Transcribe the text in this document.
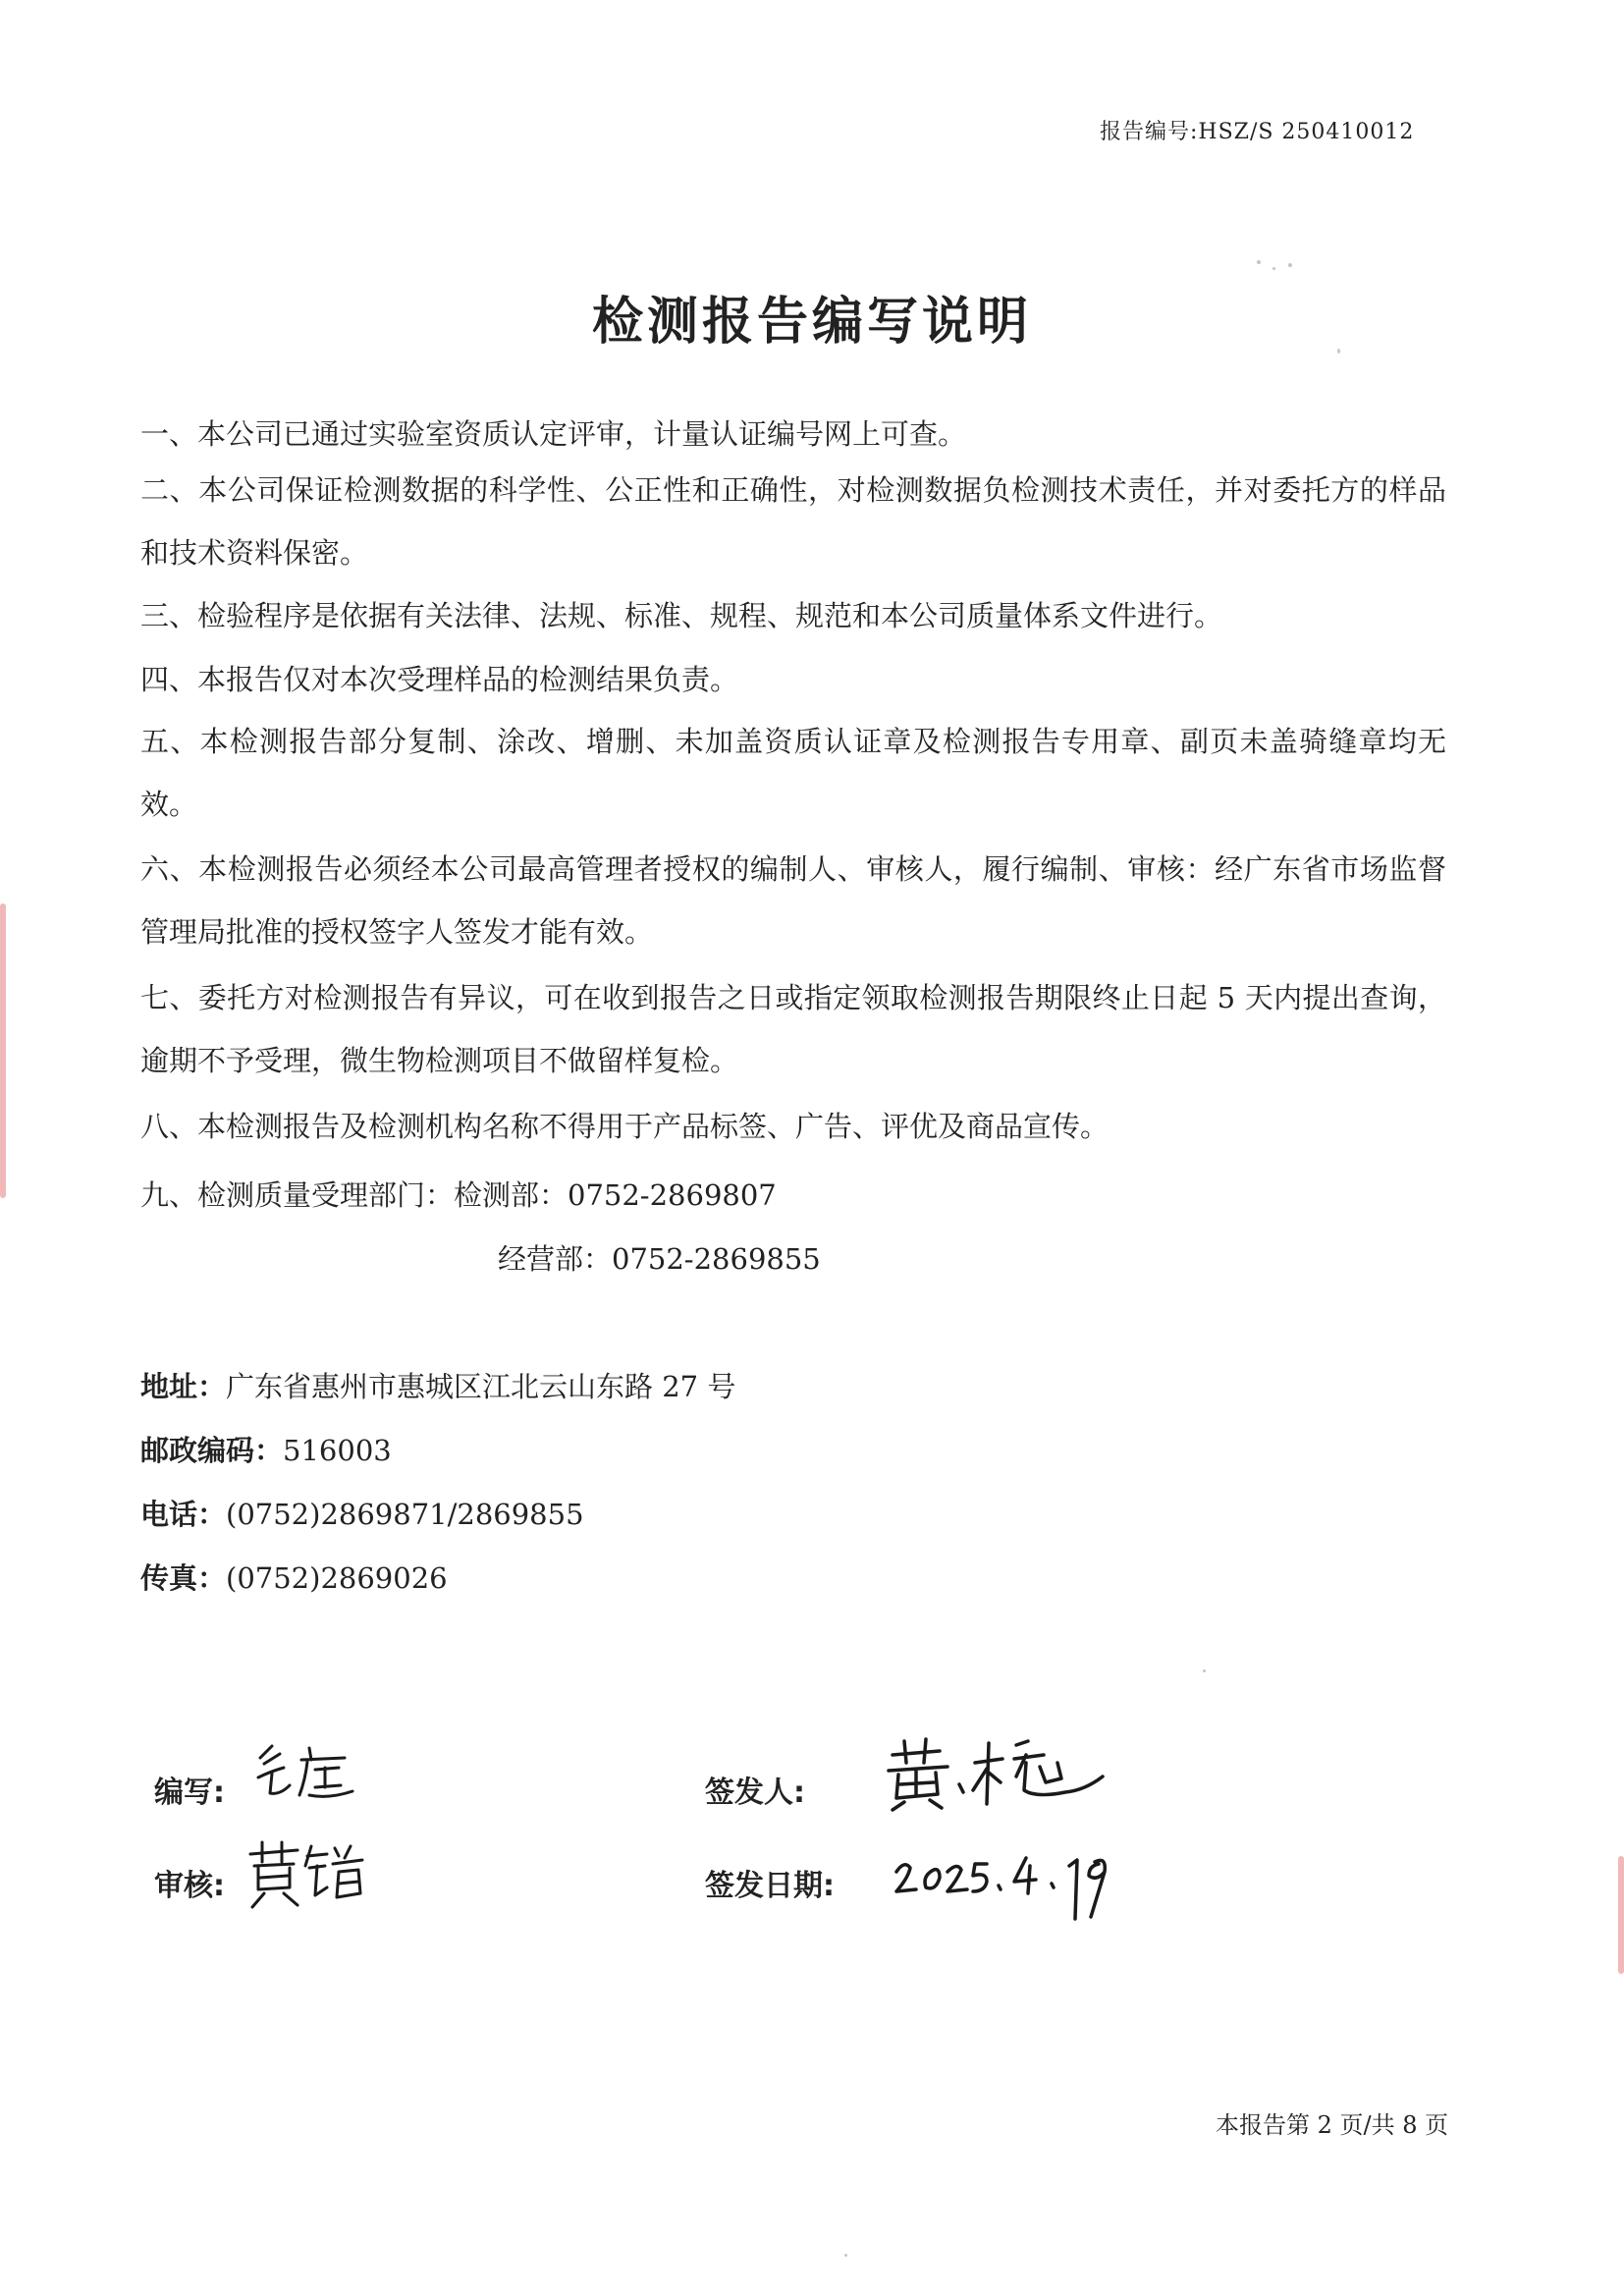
报告编号:HSZ/S 250410012
检测报告编写说明
一、本公司已通过实验室资质认定评审，计量认证编号网上可查。
二、本公司保证检测数据的科学性、公正性和正确性，对检测数据负检测技术责任，并对委托方的样品和技术资料保密。
三、检验程序是依据有关法律、法规、标准、规程、规范和本公司质量体系文件进行。
四、本报告仅对本次受理样品的检测结果负责。
五、本检测报告部分复制、涂改、增删、未加盖资质认证章及检测报告专用章、副页未盖骑缝章均无效。
六、本检测报告必须经本公司最高管理者授权的编制人、审核人，履行编制、审核：经广东省市场监督管理局批准的授权签字人签发才能有效。
七、委托方对检测报告有异议，可在收到报告之日或指定领取检测报告期限终止日起 5 天内提出查询，逾期不予受理，微生物检测项目不做留样复检。
八、本检测报告及检测机构名称不得用于产品标签、广告、评优及商品宣传。
九、检测质量受理部门：检测部：0752-2869807
经营部：0752-2869855
地址：广东省惠州市惠城区江北云山东路 27 号
邮政编码：516003
电话：(0752)2869871/2869855
传真：(0752)2869026
编写:
审核:
签发人:
签发日期:
本报告第 2 页/共 8 页
